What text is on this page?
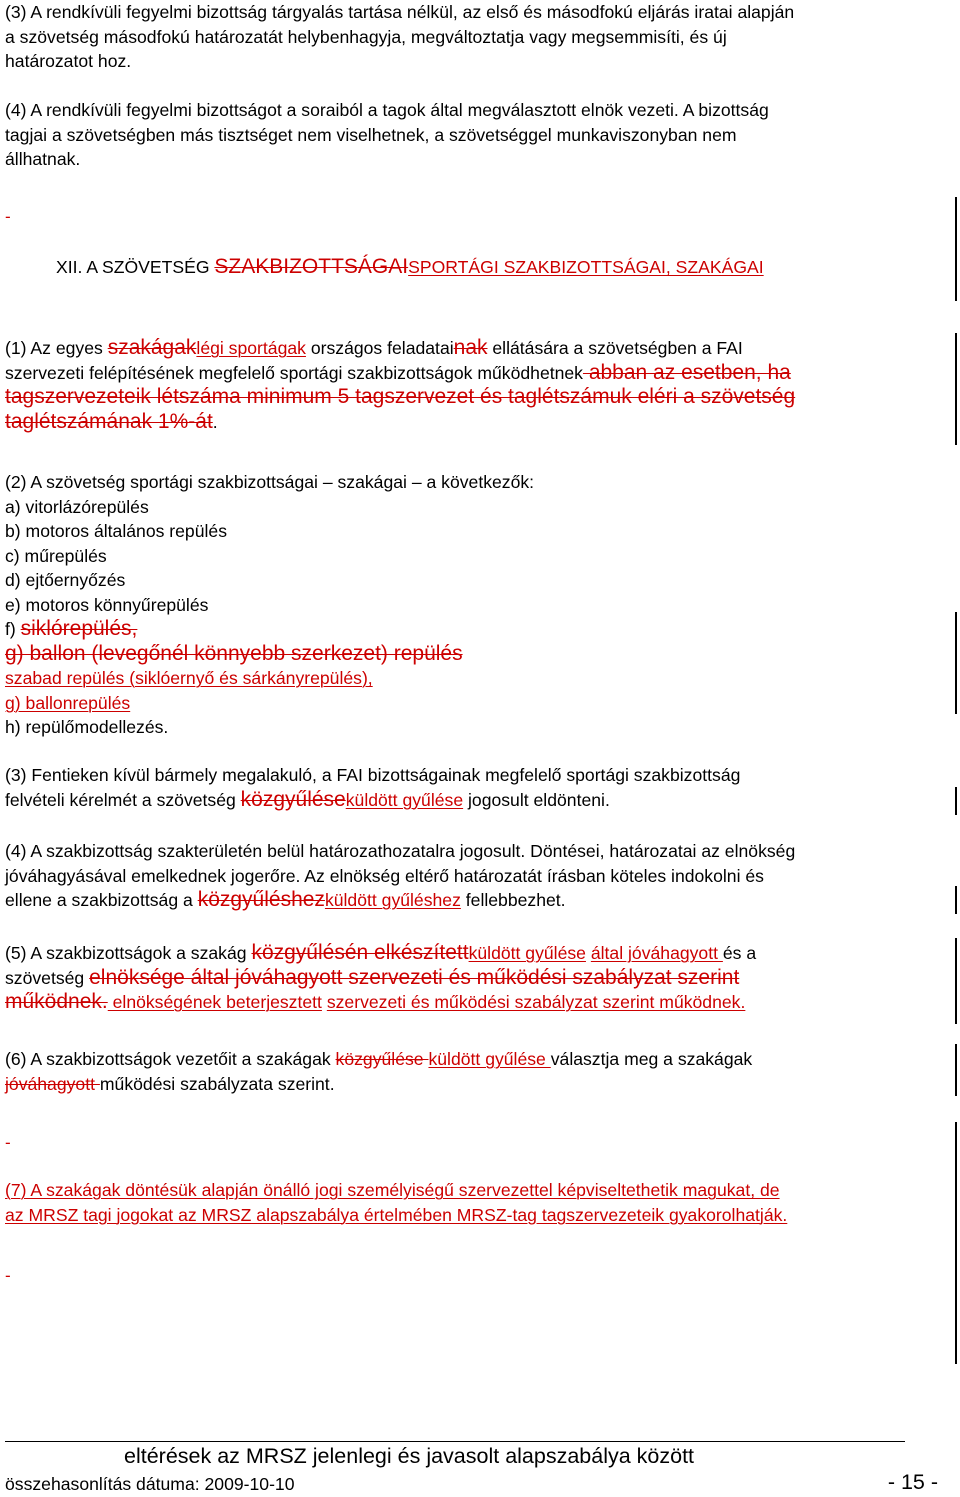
(3) A rendkívüli fegyelmi bizottság tárgyalás tartása nélkül, az első és másodfokú eljárás iratai alapján
a szövetség másodfokú határozatát helybenhagyja, megváltoztatja vagy megsemmisíti, és új
határozatot hoz.
(4) A rendkívüli fegyelmi bizottságot a soraiból a tagok által megválasztott elnök vezeti. A bizottság
tagjai a szövetségben más tisztséget nem viselhetnek, a szövetséggel munkaviszonyban nem
állhatnak.
-
XII. A SZÖVETSÉG SZAKBIZOTTSÁGAISPORTÁGI SZAKBIZOTTSÁGAI, SZAKÁGAI
(1) Az egyes szakágaklégi sportágak országos feladatainak ellátására a szövetségben a FAI
szervezeti felépítésének megfelelő sportági szakbizottságok működhetnek abban az esetben, ha
tagszervezeteik létszáma minimum 5 tagszervezet és taglétszámuk eléri a szövetség
taglétszámának 1%-át.
(2) A szövetség sportági szakbizottságai – szakágai – a következők:
a) vitorlázórepülés
b) motoros általános repülés
c) műrepülés
d) ejtőernyőzés
e) motoros könnyűrepülés
f) siklórepülés,
g) ballon (levegőnél könnyebb szerkezet) repülés
szabad repülés (siklóernyő és sárkányrepülés),
g) ballonrepülés
h) repülőmodellezés.
(3) Fentieken kívül bármely megalakuló, a FAI bizottságainak megfelelő sportági szakbizottság
felvételi kérelmét a szövetség közgyűléseküldött gyűlése jogosult eldönteni.
(4) A szakbizottság szakterületén belül határozathozatalra jogosult. Döntései, határozatai az elnökség
jóváhagyásával emelkednek jogerőre. Az elnökség eltérő határozatát írásban köteles indokolni és
ellene a szakbizottság a közgyűléshezküldött gyűléshez fellebbezhet.
(5) A szakbizottságok a szakág közgyűlésén elkészítettküldött gyűlése által jóváhagyott és a
szövetség elnöksége által jóváhagyott szervezeti és működési szabályzat szerint
működnek. elnökségének beterjesztett szervezeti és működési szabályzat szerint működnek.
(6) A szakbizottságok vezetőit a szakágak közgyűlése küldött gyűlése választja meg a szakágak
jóváhagyott működési szabályzata szerint.
-
(7) A szakágak döntésük alapján önálló jogi személyiségű szervezettel képviseltethetik magukat, de
az MRSZ tagi jogokat az MRSZ alapszabálya értelmében MRSZ-tag tagszervezeteik gyakorolhatják.
-
eltérések az MRSZ jelenlegi és javasolt alapszabálya között
összehasonlítás dátuma: 2009-10-10	- 15 -
